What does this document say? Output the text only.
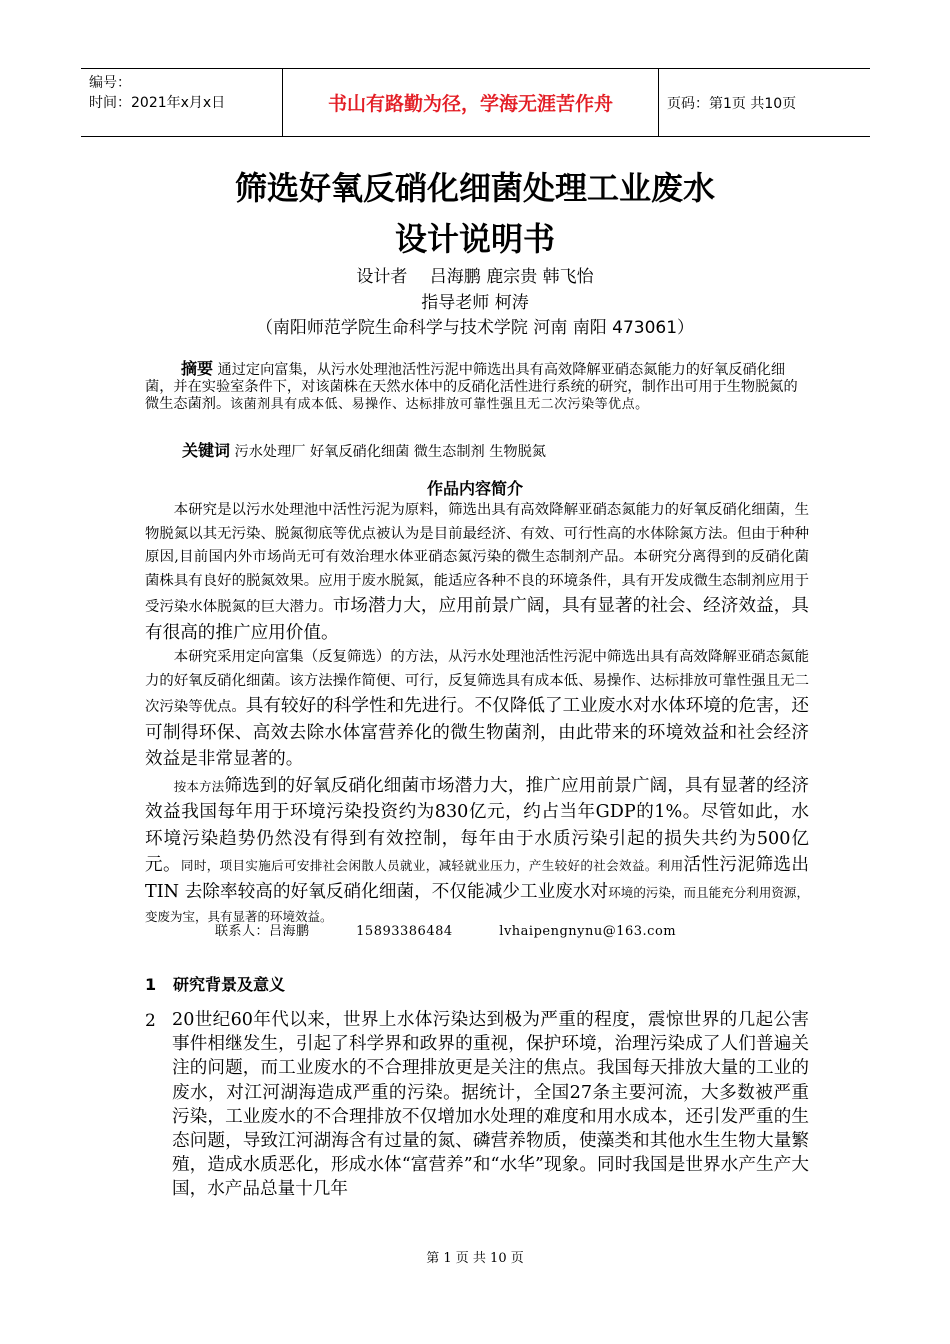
编号：
时间：2021年x月x日	书山有路勤为径，学海无涯苦作舟	页码：第1页 共10页
筛选好氧反硝化细菌处理工业废水
设计说明书
设计者　 吕海鹏 鹿宗贵 韩飞怡
指导老师 柯涛
（南阳师范学院生命科学与技术学院 河南 南阳 473061）
摘要 通过定向富集，从污水处理池活性污泥中筛选出具有高效降解亚硝态氮能力的好氧反硝化细菌，并在实验室条件下，对该菌株在天然水体中的反硝化活性进行系统的研究，制作出可用于生物脱氮的微生态菌剂。该菌剂具有成本低、易操作、达标排放可靠性强且无二次污染等优点。
关键词 污水处理厂 好氧反硝化细菌 微生态制剂 生物脱氮
作品内容简介

本研究是以污水处理池中活性污泥为原料，筛选出具有高效降解亚硝态氮能力的好氧反硝化细菌，生物脱氮以其无污染、脱氮彻底等优点被认为是目前最经济、有效、可行性高的水体除氮方法。但由于种种原因,目前国内外市场尚无可有效治理水体亚硝态氮污染的微生态制剂产品。本研究分离得到的反硝化菌菌株具有良好的脱氮效果。应用于废水脱氮，能适应各种不良的环境条件，具有开发成微生态制剂应用于受污染水体脱氮的巨大潜力。市场潜力大，应用前景广阔，具有显著的社会、经济效益，具有很高的推广应用价值。

本研究采用定向富集（反复筛选）的方法，从污水处理池活性污泥中筛选出具有高效降解亚硝态氮能力的好氧反硝化细菌。该方法操作简便、可行，反复筛选具有成本低、易操作、达标排放可靠性强且无二次污染等优点。具有较好的科学性和先进行。不仅降低了工业废水对水体环境的危害，还可制得环保、高效去除水体富营养化的微生物菌剂，由此带来的环境效益和社会经济效益是非常显著的。

按本方法筛选到的好氧反硝化细菌市场潜力大，推广应用前景广阔，具有显著的经济效益我国每年用于环境污染投资约为830亿元，约占当年GDP的1%。尽管如此，水环境污染趋势仍然没有得到有效控制，每年由于水质污染引起的损失共约为500亿元。同时，项目实施后可安排社会闲散人员就业，减轻就业压力，产生较好的社会效益。利用活性污泥筛选出TIN 去除率较高的好氧反硝化细菌，不仅能减少工业废水对环境的污染，而且能充分利用资源，变废为宝，具有显著的环境效益。

联系人：吕海鹏	15893386484	lvhaipengnynu@163.com
1 研究背景及意义
2 20世纪60年代以来，世界上水体污染达到极为严重的程度，震惊世界的几起公害事件相继发生，引起了科学界和政界的重视，保护环境，治理污染成了人们普遍关注的问题，而工业废水的不合理排放更是关注的焦点。我国每天排放大量的工业的废水，对江河湖海造成严重的污染。据统计，全国27条主要河流，大多数被严重污染，工业废水的不合理排放不仅增加水处理的难度和用水成本，还引发严重的生态问题，导致江河湖海含有过量的氮、磷营养物质，使藻类和其他水生生物大量繁殖，造成水质恶化，形成水体“富营养”和“水华”现象。同时我国是世界水产生产大国，水产品总量十几年
第 1 页 共 10 页
